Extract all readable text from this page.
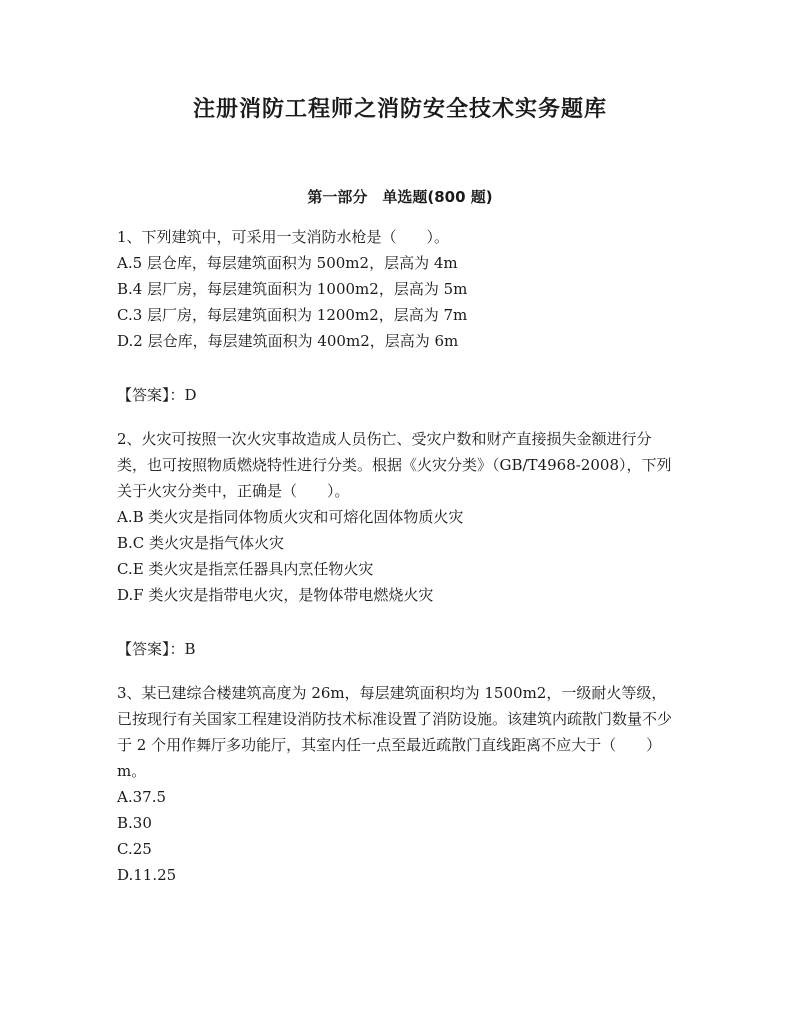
注册消防工程师之消防安全技术实务题库
第一部分　单选题(800 题)

1、下列建筑中，可采用一支消防水枪是（　　）。

A.5 层仓库，每层建筑面积为 500m2，层高为 4m

B.4 层厂房，每层建筑面积为 1000m2，层高为 5m

C.3 层厂房，每层建筑面积为 1200m2，层高为 7m

D.2 层仓库，每层建筑面积为 400m2，层高为 6m

【答案】：D

2、火灾可按照一次火灾事故造成人员伤亡、受灾户数和财产直接损失金额进行分类，也可按照物质燃烧特性进行分类。根据《火灾分类》（GB/T4968-2008），下列关于火灾分类中，正确是（　　）。

A.B 类火灾是指同体物质火灾和可熔化固体物质火灾

B.C 类火灾是指气体火灾

C.E 类火灾是指烹任器具内烹任物火灾

D.F 类火灾是指带电火灾，是物体带电燃烧火灾

【答案】：B

3、某已建综合楼建筑高度为 26m，每层建筑面积均为 1500m2，一级耐火等级，已按现行有关国家工程建设消防技术标准设置了消防设施。该建筑内疏散门数量不少于 2 个用作舞厅多功能厅，其室内任一点至最近疏散门直线距离不应大于（　　）m。

A.37.5

B.30

C.25

D.11.25
